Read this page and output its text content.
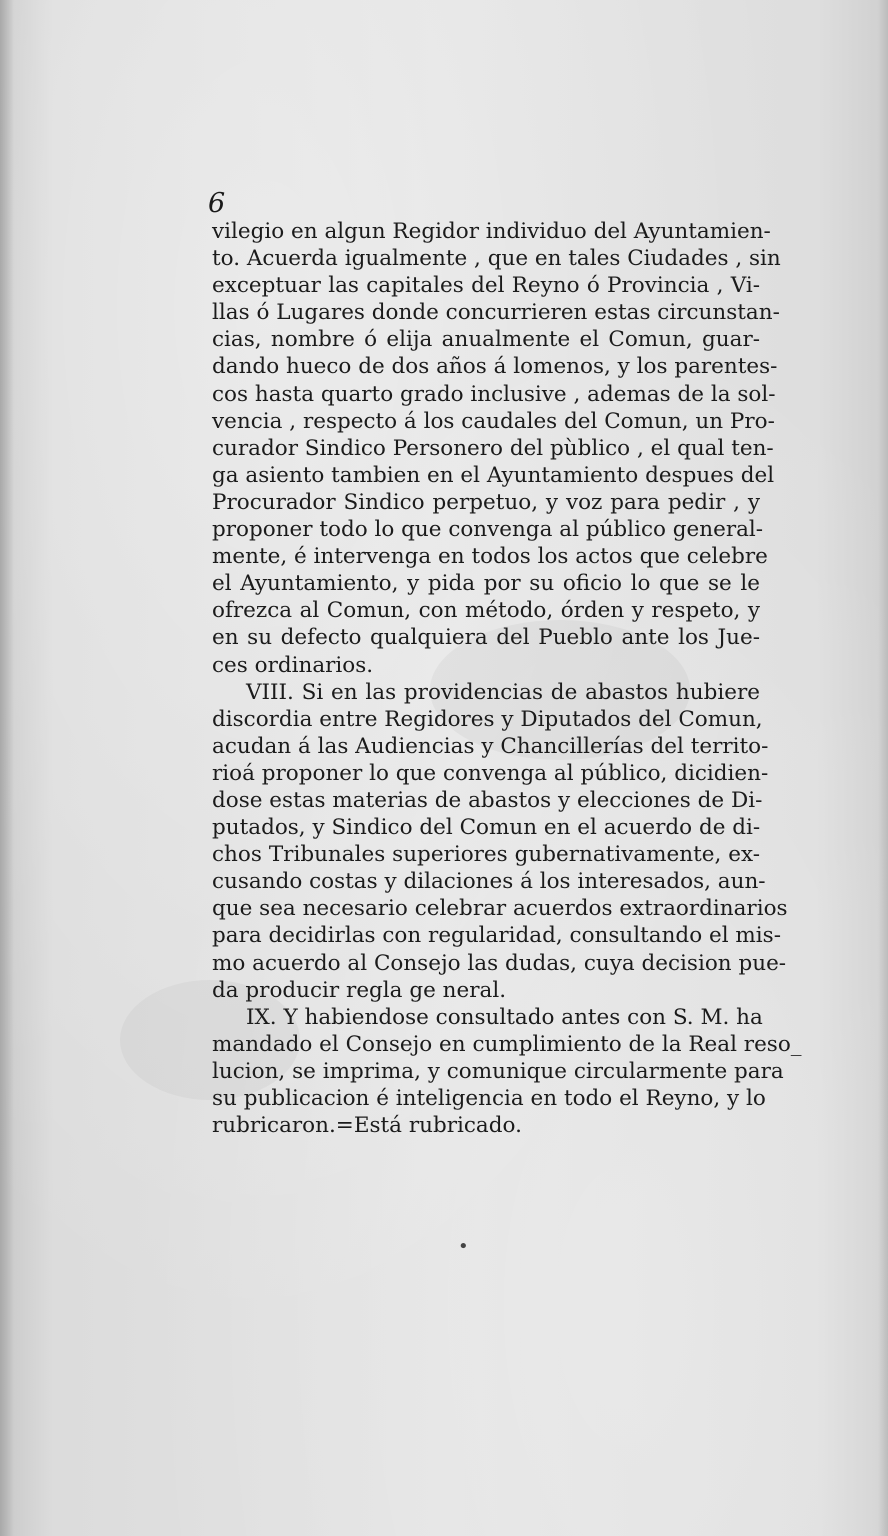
6
vilegio en algun Regidor individuo del Ayuntamien-
to. Acuerda igualmente , que en tales Ciudades , sin
exceptuar las capitales del Reyno ó Provincia , Vi-
llas ó Lugares donde concurrieren estas circunstan-
cias, nombre ó elija anualmente el Comun, guar-
dando hueco de dos años á lomenos, y los parentes-
cos hasta quarto grado inclusive , ademas de la sol-
vencia , respecto á los caudales del Comun, un Pro-
curador Sindico Personero del pùblico , el qual ten-
ga asiento tambien en el Ayuntamiento despues del
Procurador Sindico perpetuo, y voz para pedir , y
proponer todo lo que convenga al público general-
mente, é intervenga en todos los actos que celebre
el Ayuntamiento, y pida por su oficio lo que se le
ofrezca al Comun, con método, órden y respeto, y
en su defecto qualquiera del Pueblo ante los Jue-
ces ordinarios.
VIII. Si en las providencias de abastos hubiere
discordia entre Regidores y Diputados del Comun,
acudan á las Audiencias y Chancillerías del territo-
rioá proponer lo que convenga al público, dicidien-
dose estas materias de abastos y elecciones de Di-
putados, y Sindico del Comun en el acuerdo de di-
chos Tribunales superiores gubernativamente, ex-
cusando costas y dilaciones á los interesados, aun-
que sea necesario celebrar acuerdos extraordinarios
para decidirlas con regularidad, consultando el mis-
mo acuerdo al Consejo las dudas, cuya decision pue-
da producir regla ge neral.
IX. Y habiendose consultado antes con S. M. ha
mandado el Consejo en cumplimiento de la Real reso_
lucion, se imprima, y comunique circularmente para
su publicacion é inteligencia en todo el Reyno, y lo
rubricaron.=Está rubricado.
•
